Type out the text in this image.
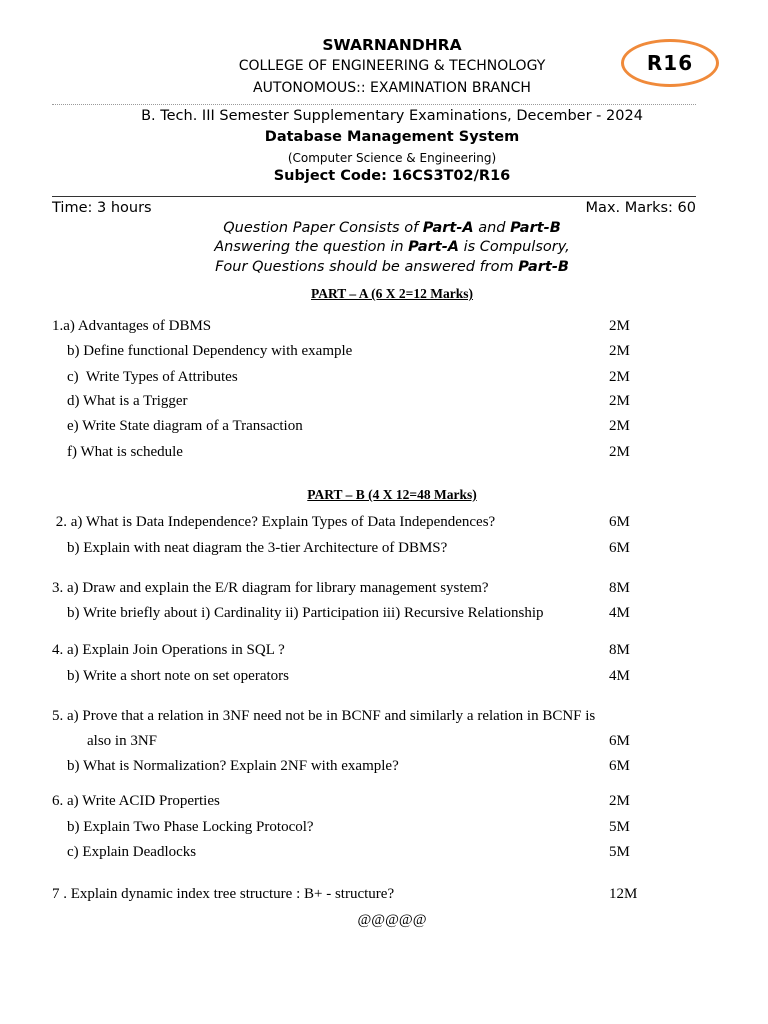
SWARNANDHRA
COLLEGE OF ENGINEERING & TECHNOLOGY
AUTONOMOUS:: EXAMINATION BRANCH
R16
B. Tech. III Semester Supplementary Examinations, December - 2024
Database Management System
(Computer Science & Engineering)
Subject Code: 16CS3T02/R16
Time: 3 hours	Max. Marks: 60
Question Paper Consists of Part-A and Part-B
Answering the question in Part-A is Compulsory,
Four Questions should be answered from Part-B
PART – A (6 X 2=12 Marks)
1.a) Advantages of DBMS	2M
b) Define functional Dependency with example	2M
c)  Write Types of Attributes	2M
d) What is a Trigger	2M
e) Write State diagram of a Transaction	2M
f) What is schedule	2M
PART – B (4 X 12=48 Marks)
2. a) What is Data Independence? Explain Types of Data Independences?	6M
b) Explain with neat diagram the 3-tier Architecture of DBMS?	6M
3. a) Draw and explain the E/R diagram for library management system?	8M
b) Write briefly about i) Cardinality ii) Participation iii) Recursive Relationship	4M
4. a) Explain Join Operations in SQL ?	8M
b) Write a short note on set operators	4M
5. a) Prove that a relation in 3NF need not be in BCNF and similarly a relation in BCNF is
also in 3NF	6M
b) What is Normalization? Explain 2NF with example?	6M
6. a) Write ACID Properties	2M
b) Explain Two Phase Locking Protocol?	5M
c) Explain Deadlocks	5M
7 . Explain dynamic index tree structure : B+ - structure?	12M
@@@@@
